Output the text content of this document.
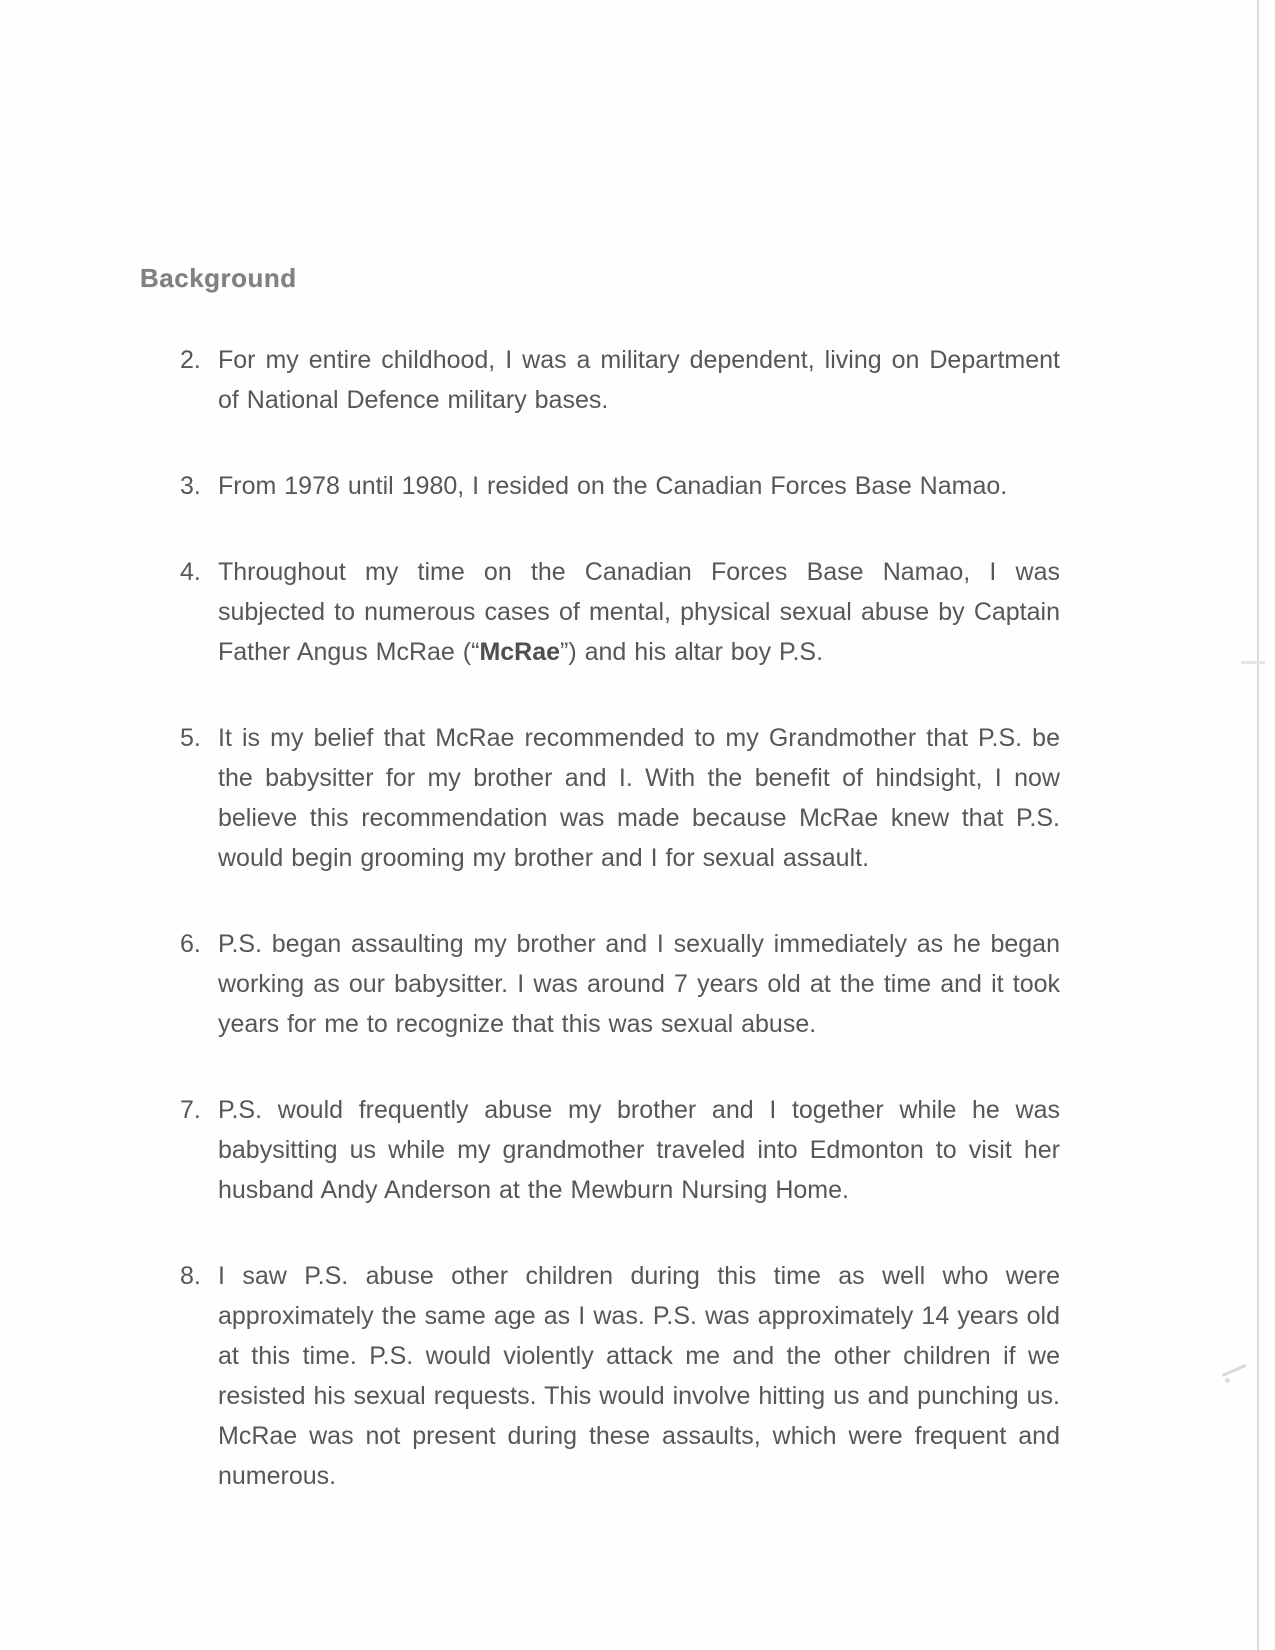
Background
2. For my entire childhood, I was a military dependent, living on Department of National Defence military bases.
3. From 1978 until 1980, I resided on the Canadian Forces Base Namao.
4. Throughout my time on the Canadian Forces Base Namao, I was subjected to numerous cases of mental, physical sexual abuse by Captain Father Angus McRae (“McRae”) and his altar boy P.S.
5. It is my belief that McRae recommended to my Grandmother that P.S. be the babysitter for my brother and I. With the benefit of hindsight, I now believe this recommendation was made because McRae knew that P.S. would begin grooming my brother and I for sexual assault.
6. P.S. began assaulting my brother and I sexually immediately as he began working as our babysitter. I was around 7 years old at the time and it took years for me to recognize that this was sexual abuse.
7. P.S. would frequently abuse my brother and I together while he was babysitting us while my grandmother traveled into Edmonton to visit her husband Andy Anderson at the Mewburn Nursing Home.
8. I saw P.S. abuse other children during this time as well who were approximately the same age as I was. P.S. was approximately 14 years old at this time. P.S. would violently attack me and the other children if we resisted his sexual requests. This would involve hitting us and punching us. McRae was not present during these assaults, which were frequent and numerous.
